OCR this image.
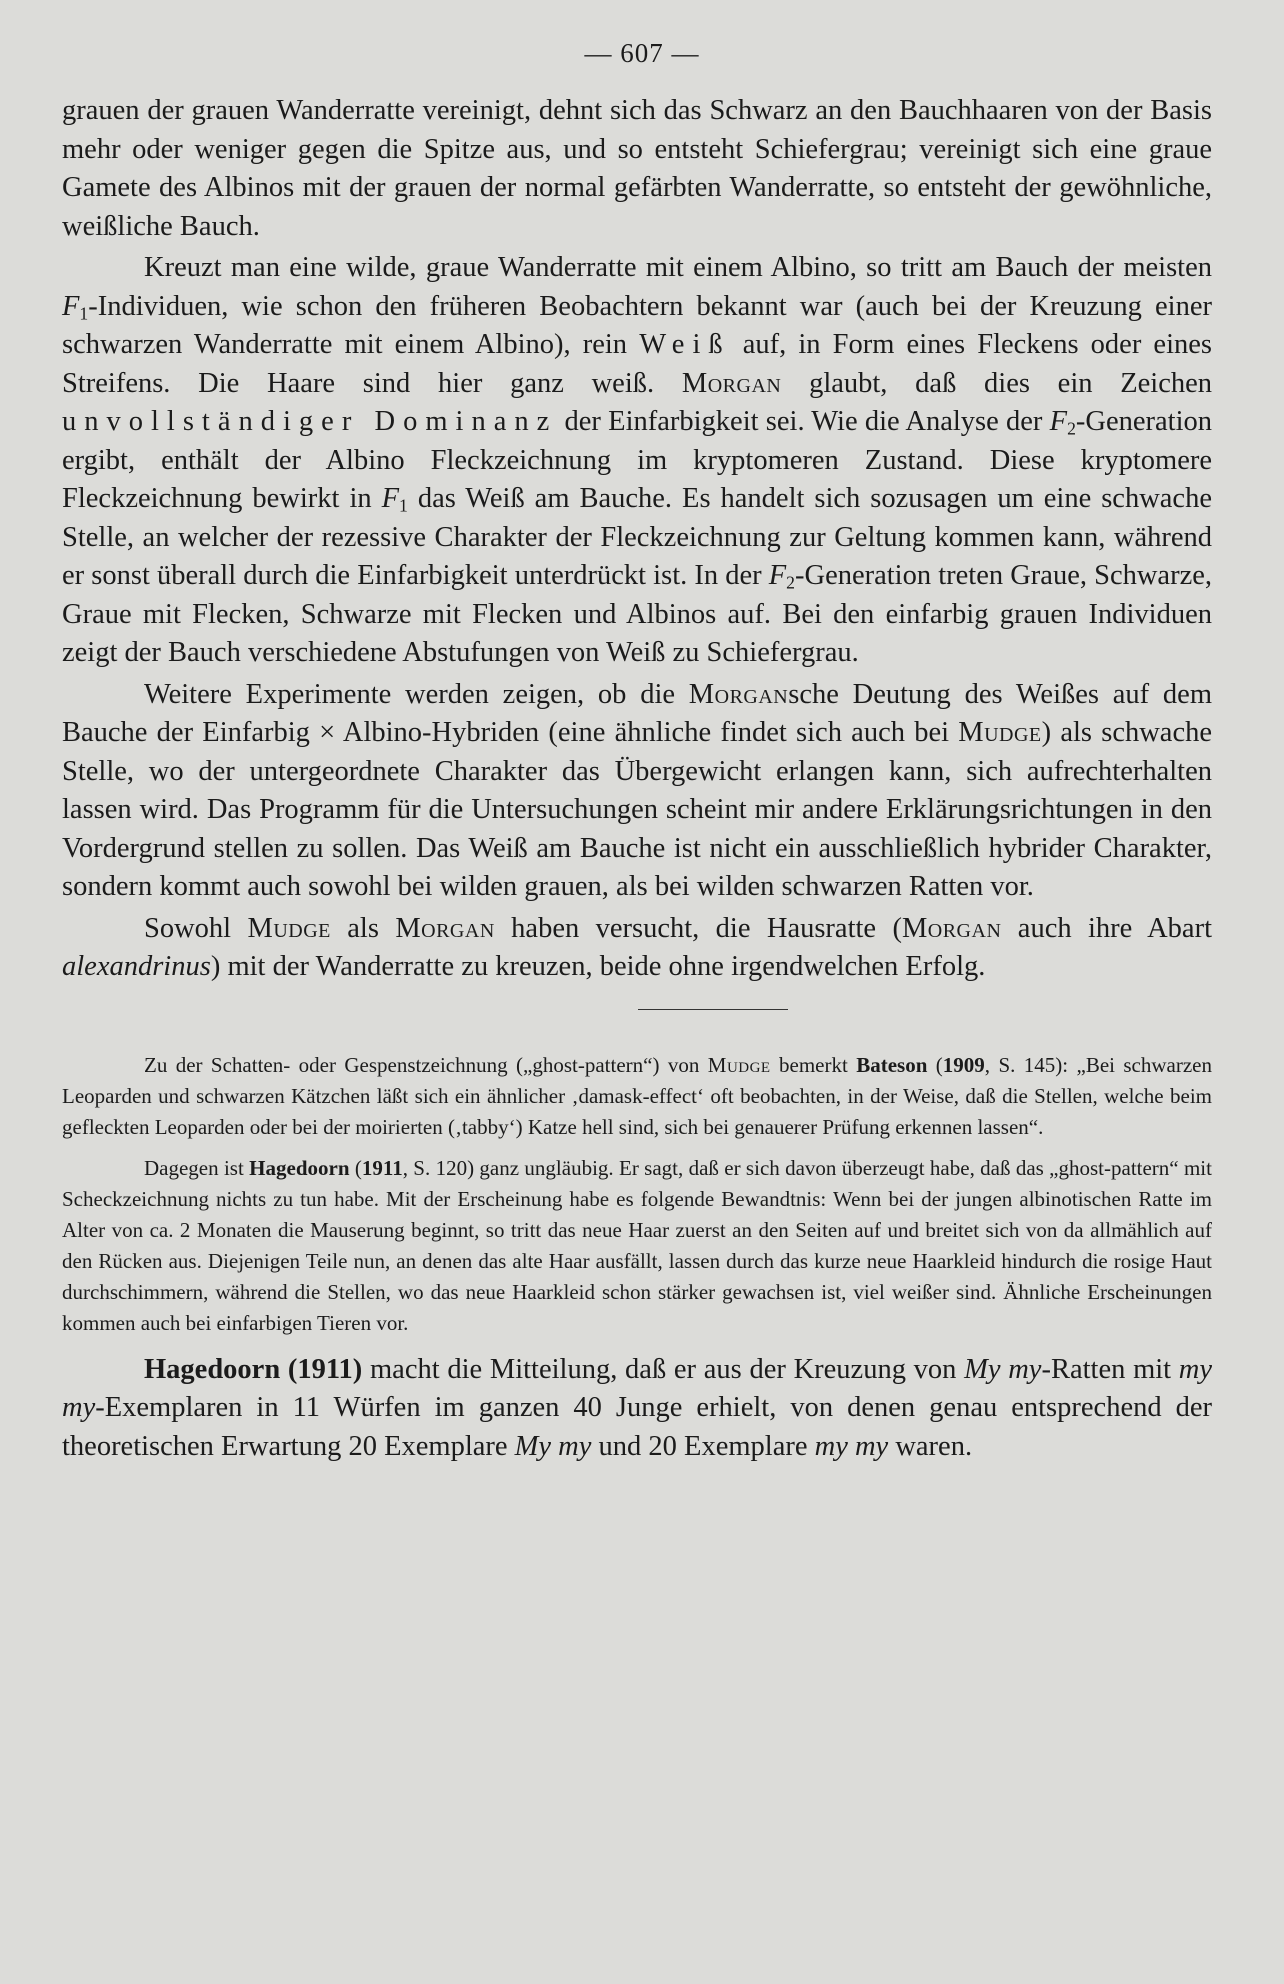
— 607 —

grauen der grauen Wanderratte vereinigt, dehnt sich das Schwarz an den Bauchhaaren von der Basis mehr oder weniger gegen die Spitze aus, und so entsteht Schiefergrau; vereinigt sich eine graue Gamete des Albinos mit der grauen der normal gefärbten Wanderratte, so entsteht der gewöhnliche, weißliche Bauch.

Kreuzt man eine wilde, graue Wanderratte mit einem Albino, so tritt am Bauch der meisten $F_1$-Individuen, wie schon den früheren Beobachtern bekannt war (auch bei der Kreuzung einer schwarzen Wanderratte mit einem Albino), rein Weiß auf, in Form eines Fleckens oder eines Streifens. Die Haare sind hier ganz weiß. Morgan glaubt, daß dies ein Zeichen unvollständiger Dominanz der Einfarbigkeit sei. Wie die Analyse der $F_2$-Generation ergibt, enthält der Albino Fleckzeichnung im kryptomeren Zustand. Diese kryptomere Fleckzeichnung bewirkt in $F_1$ das Weiß am Bauche. Es handelt sich sozusagen um eine schwache Stelle, an welcher der rezessive Charakter der Fleckzeichnung zur Geltung kommen kann, während er sonst überall durch die Einfarbigkeit unterdrückt ist. In der $F_2$-Generation treten Graue, Schwarze, Graue mit Flecken, Schwarze mit Flecken und Albinos auf. Bei den einfarbig grauen Individuen zeigt der Bauch verschiedene Abstufungen von Weiß zu Schiefergrau.

Weitere Experimente werden zeigen, ob die Morgansche Deutung des Weißes auf dem Bauche der Einfarbig × Albino-Hybriden (eine ähnliche findet sich auch bei Mudge) als schwache Stelle, wo der untergeordnete Charakter das Übergewicht erlangen kann, sich aufrechterhalten lassen wird. Das Programm für die Untersuchungen scheint mir andere Erklärungsrichtungen in den Vordergrund stellen zu sollen. Das Weiß am Bauche ist nicht ein ausschließlich hybrider Charakter, sondern kommt auch sowohl bei wilden grauen, als bei wilden schwarzen Ratten vor.

Sowohl Mudge als Morgan haben versucht, die Hausratte (Morgan auch ihre Abart alexandrinus) mit der Wanderratte zu kreuzen, beide ohne irgendwelchen Erfolg.

Zu der Schatten- oder Gespenstzeichnung („ghost-pattern“) von Mudge bemerkt Bateson (1909, S. 145): „Bei schwarzen Leoparden und schwarzen Kätzchen läßt sich ein ähnlicher ‚damask-effect‘ oft beobachten, in der Weise, daß die Stellen, welche beim gefleckten Leoparden oder bei der moirierten (‚tabby‘) Katze hell sind, sich bei genauerer Prüfung erkennen lassen“.

Dagegen ist Hagedoorn (1911, S. 120) ganz ungläubig. Er sagt, daß er sich davon überzeugt habe, daß das „ghost-pattern“ mit Scheckzeichnung nichts zu tun habe. Mit der Erscheinung habe es folgende Bewandtnis: Wenn bei der jungen albinotischen Ratte im Alter von ca. 2 Monaten die Mauserung beginnt, so tritt das neue Haar zuerst an den Seiten auf und breitet sich von da allmählich auf den Rücken aus. Diejenigen Teile nun, an denen das alte Haar ausfällt, lassen durch das kurze neue Haarkleid hindurch die rosige Haut durchschimmern, während die Stellen, wo das neue Haarkleid schon stärker gewachsen ist, viel weißer sind. Ähnliche Erscheinungen kommen auch bei einfarbigen Tieren vor.

Hagedoorn (1911) macht die Mitteilung, daß er aus der Kreuzung von My my-Ratten mit my my-Exemplaren in 11 Würfen im ganzen 40 Junge erhielt, von denen genau entsprechend der theoretischen Erwartung 20 Exemplare My my und 20 Exemplare my my waren.
